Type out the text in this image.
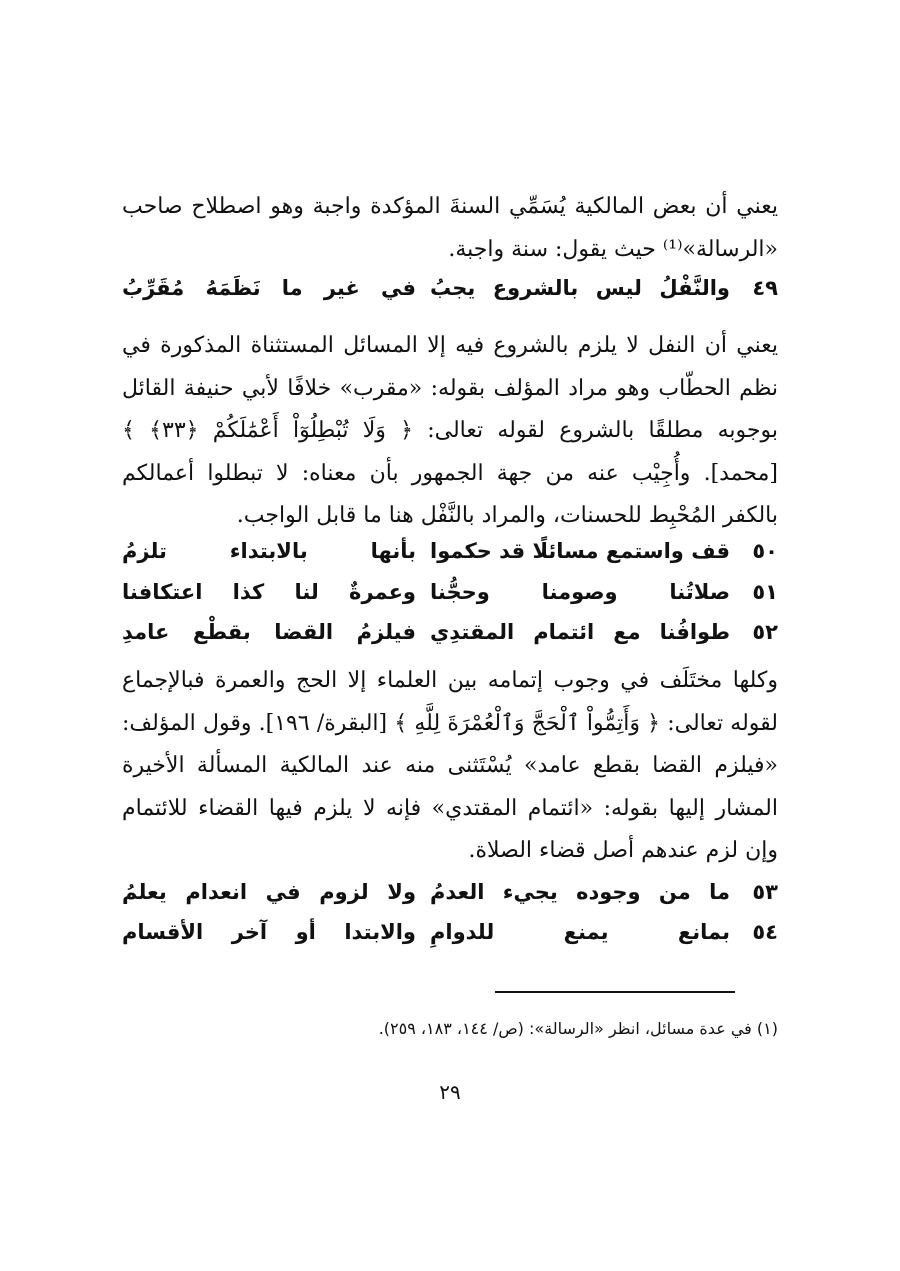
يعني أن بعض المالكية يُسَمِّي السنةَ المؤكدة واجبة وهو اصطلاح صاحب «الرسالة»⁽¹⁾ حيث يقول: سنة واجبة.

٤٩
والنَّفْلُ ليس بالشروع يجبُ
في غير ما نَظَمَهُ مُقَرِّبُ

يعني أن النفل لا يلزم بالشروع فيه إلا المسائل المستثناة المذكورة في نظم الحطّاب وهو مراد المؤلف بقوله: «مقرب» خلافًا لأبي حنيفة القائل بوجوبه مطلقًا بالشروع لقوله تعالى: ﴿ وَلَا تُبْطِلُوٓاْ أَعْمَٰلَكُمْ ﴿٣٣﴾ ﴾ [محمد]. وأُجِيْب عنه من جهة الجمهور بأن معناه: لا تبطلوا أعمالكم بالكفر المُحْبِط للحسنات، والمراد بالنَّفْل هنا ما قابل الواجب.

٥٠
قف واستمع مسائلًا قد حكموا
بأنها بالابتداء تلزمُ
٥١
صلاتُنا وصومنا وحجُّنا
وعمرةٌ لنا كذا اعتكافنا
٥٢
طوافُنا مع ائتمام المقتدِي
فيلزمُ القضا بقطْع عامدِ

وكلها مختَلَف في وجوب إتمامه بين العلماء إلا الحج والعمرة فبالإجماع لقوله تعالى: ﴿ وَأَتِمُّواْ ٱلْحَجَّ وَٱلْعُمْرَةَ لِلَّهِ ﴾ [البقرة/ ١٩٦]. وقول المؤلف: «فيلزم القضا بقطع عامد» يُسْتَثنى منه عند المالكية المسألة الأخيرة المشار إليها بقوله: «ائتمام المقتدي» فإنه لا يلزم فيها القضاء للائتمام وإن لزم عندهم أصل قضاء الصلاة.

٥٣
ما من وجوده يجيء العدمُ
ولا لزوم في انعدام يعلمُ
٥٤
بمانع يمنع للدوامِ
والابتدا أو آخر الأقسام
(١) في عدة مسائل، انظر «الرسالة»: (ص/ ١٤٤، ١٨٣، ٢٥٩).
٢٩
